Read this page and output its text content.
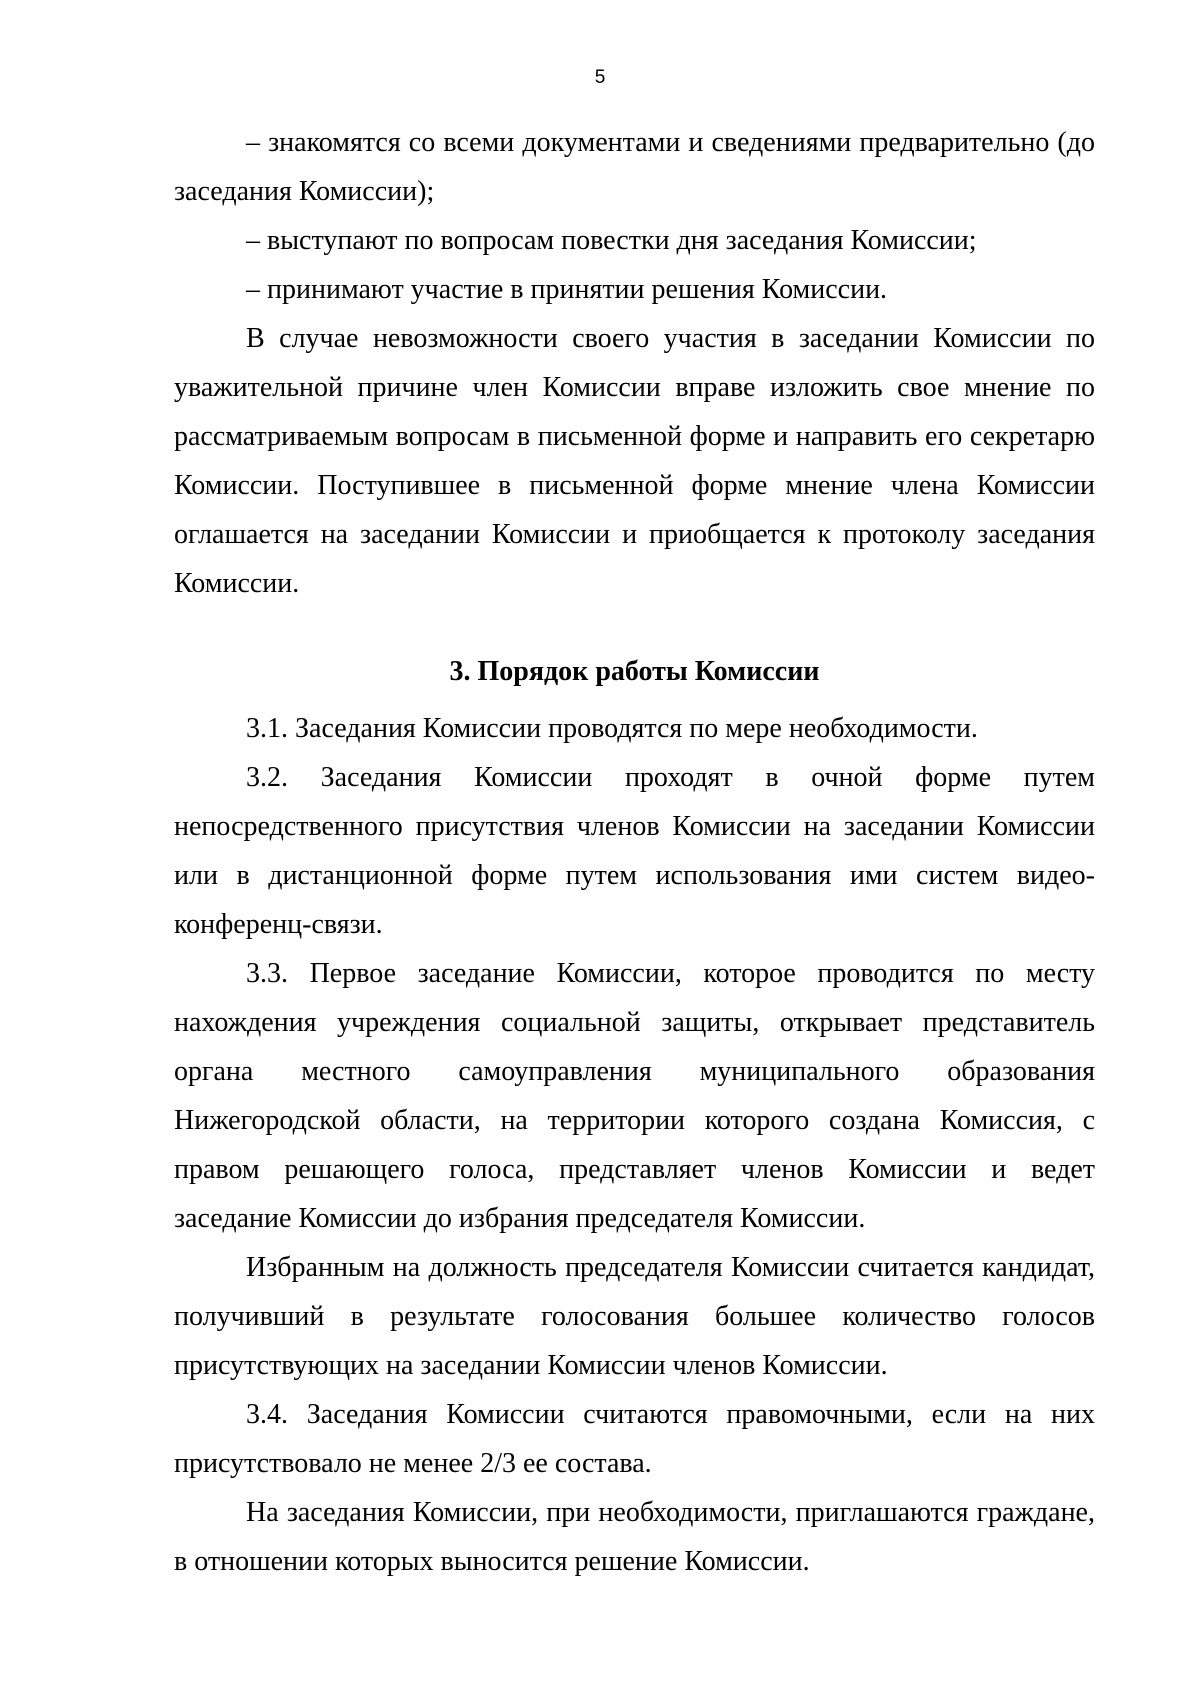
5

– знакомятся со всеми документами и сведениями предварительно (до заседания Комиссии);

– выступают по вопросам повестки дня заседания Комиссии;

– принимают участие в принятии решения Комиссии.

В случае невозможности своего участия в заседании Комиссии по уважительной причине член Комиссии вправе изложить свое мнение по рассматриваемым вопросам в письменной форме и направить его секретарю Комиссии. Поступившее в письменной форме мнение члена Комиссии оглашается на заседании Комиссии и приобщается к протоколу заседания Комиссии.

3. Порядок работы Комиссии

3.1. Заседания Комиссии проводятся по мере необходимости.

3.2. Заседания Комиссии проходят в очной форме путем непосредственного присутствия членов Комиссии на заседании Комиссии или в дистанционной форме путем использования ими систем видео-конференц-связи.

3.3. Первое заседание Комиссии, которое проводится по месту нахождения учреждения социальной защиты, открывает представитель органа местного самоуправления муниципального образования Нижегородской области, на территории которого создана Комиссия, с правом решающего голоса, представляет членов Комиссии и ведет заседание Комиссии до избрания председателя Комиссии.

Избранным на должность председателя Комиссии считается кандидат, получивший в результате голосования большее количество голосов присутствующих на заседании Комиссии членов Комиссии.

3.4. Заседания Комиссии считаются правомочными, если на них присутствовало не менее 2/3 ее состава.

На заседания Комиссии, при необходимости, приглашаются граждане, в отношении которых выносится решение Комиссии.
